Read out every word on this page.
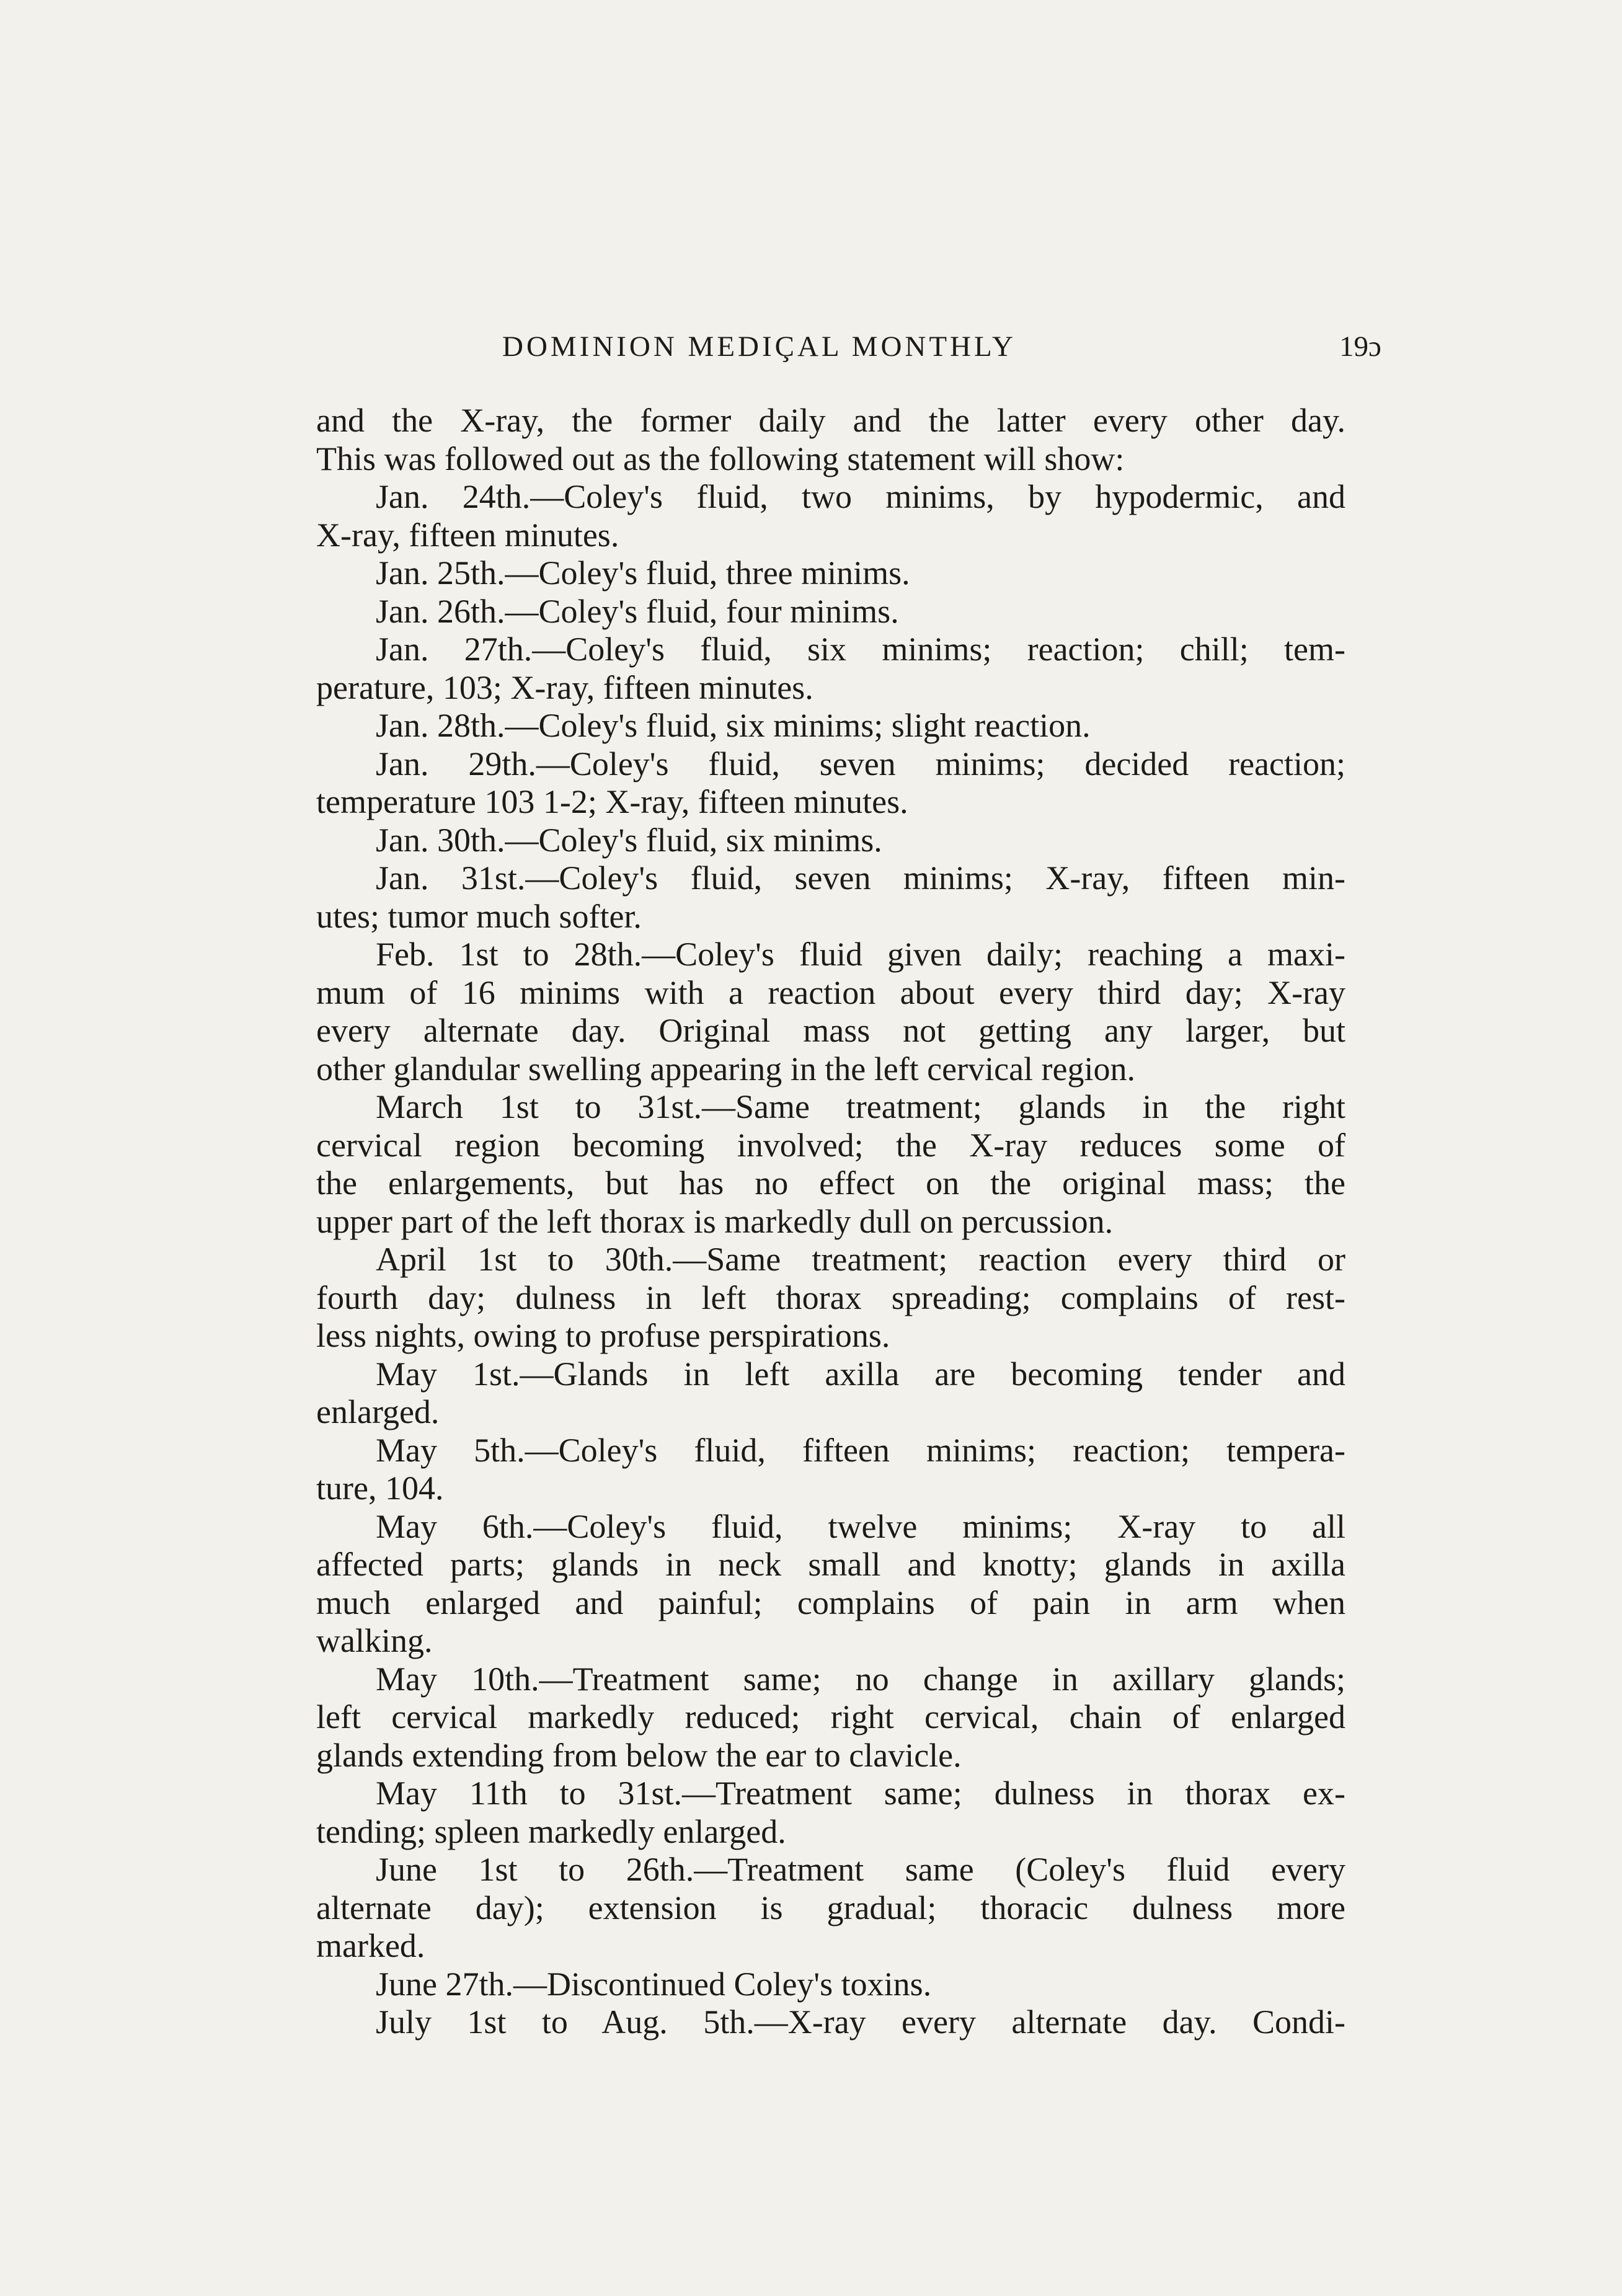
DOMINION MEDIÇAL MONTHLY	19ɔ
and the X-ray, the former daily and the latter every other day.
This was followed out as the following statement will show:
Jan. 24th.—Coley's fluid, two minims, by hypodermic, and
X-ray, fifteen minutes.
Jan. 25th.—Coley's fluid, three minims.
Jan. 26th.—Coley's fluid, four minims.
Jan. 27th.—Coley's fluid, six minims; reaction; chill; tem-
perature, 103; X-ray, fifteen minutes.
Jan. 28th.—Coley's fluid, six minims; slight reaction.
Jan. 29th.—Coley's fluid, seven minims; decided reaction;
temperature 103 1-2; X-ray, fifteen minutes.
Jan. 30th.—Coley's fluid, six minims.
Jan. 31st.—Coley's fluid, seven minims; X-ray, fifteen min-
utes; tumor much softer.
Feb. 1st to 28th.—Coley's fluid given daily; reaching a maxi-
mum of 16 minims with a reaction about every third day; X-ray
every alternate day. Original mass not getting any larger, but
other glandular swelling appearing in the left cervical region.
March 1st to 31st.—Same treatment; glands in the right
cervical region becoming involved; the X-ray reduces some of
the enlargements, but has no effect on the original mass; the
upper part of the left thorax is markedly dull on percussion.
April 1st to 30th.—Same treatment; reaction every third or
fourth day; dulness in left thorax spreading; complains of rest-
less nights, owing to profuse perspirations.
May 1st.—Glands in left axilla are becoming tender and
enlarged.
May 5th.—Coley's fluid, fifteen minims; reaction; tempera-
ture, 104.
May 6th.—Coley's fluid, twelve minims; X-ray to all
affected parts; glands in neck small and knotty; glands in axilla
much enlarged and painful; complains of pain in arm when
walking.
May 10th.—Treatment same; no change in axillary glands;
left cervical markedly reduced; right cervical, chain of enlarged
glands extending from below the ear to clavicle.
May 11th to 31st.—Treatment same; dulness in thorax ex-
tending; spleen markedly enlarged.
June 1st to 26th.—Treatment same (Coley's fluid every
alternate day); extension is gradual; thoracic dulness more
marked.
June 27th.—Discontinued Coley's toxins.
July 1st to Aug. 5th.—X-ray every alternate day. Condi-
